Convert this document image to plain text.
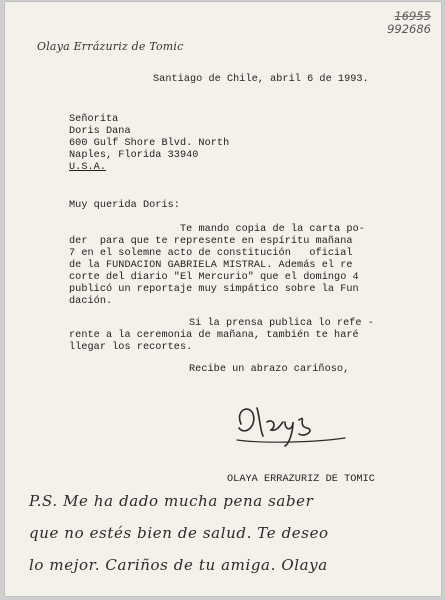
16955
992686
Olaya Errázuriz de Tomic
Santiago de Chile, abril 6 de 1993.
Señorita
Doris Dana
600 Gulf Shore Blvd. North
Naples, Florida 33940
U.S.A.
Muy querida Doris:
Te mando copia de la carta po-
der  para que te represente en espíritu mañana
7 en el solemne acto de constitución   oficial
de la FUNDACION GABRIELA MISTRAL. Además el re
corte del diario "El Mercurio" que el domingo 4
publicó un reportaje muy simpático sobre la Fun
dación.
Si la prensa publica lo refe -
rente a la ceremonia de mañana, también te haré
llegar los recortes.
Recibe un abrazo cariñoso,
OLAYA ERRAZURIZ DE TOMIC
P.S. Me ha dado mucha pena saber
que no estés bien de salud. Te deseo
lo mejor. Cariños de tu amiga. Olaya
